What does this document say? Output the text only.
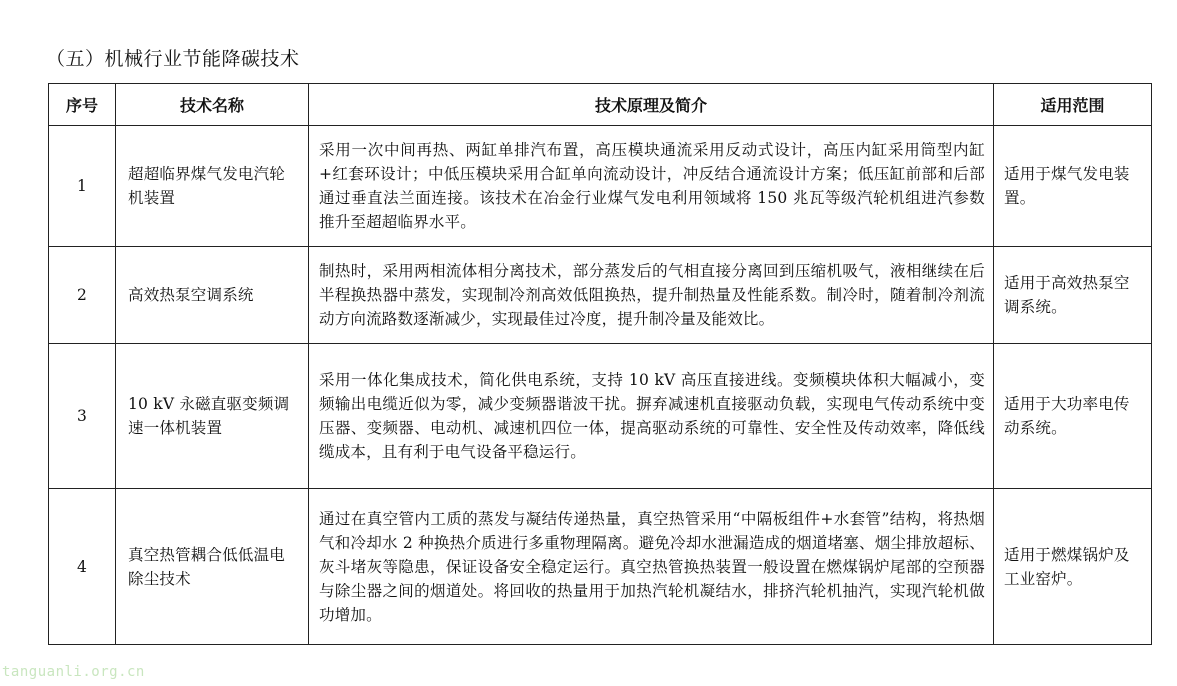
（五）机械行业节能降碳技术
序号	技术名称	技术原理及简介	适用范围
1	超超临界煤气发电汽轮机装置	采用一次中间再热、两缸单排汽布置，高压模块通流采用反动式设计，高压内缸采用筒型内缸+红套环设计；中低压模块采用合缸单向流动设计，冲反结合通流设计方案；低压缸前部和后部通过垂直法兰面连接。该技术在冶金行业煤气发电利用领域将 150 兆瓦等级汽轮机组进汽参数推升至超超临界水平。	适用于煤气发电装置。
2	高效热泵空调系统	制热时，采用两相流体相分离技术，部分蒸发后的气相直接分离回到压缩机吸气，液相继续在后半程换热器中蒸发，实现制冷剂高效低阻换热，提升制热量及性能系数。制冷时，随着制冷剂流动方向流路数逐渐减少，实现最佳过冷度，提升制冷量及能效比。	适用于高效热泵空调系统。
3	10 kV 永磁直驱变频调速一体机装置	采用一体化集成技术，简化供电系统，支持 10 kV 高压直接进线。变频模块体积大幅减小，变频输出电缆近似为零，减少变频器谐波干扰。摒弃减速机直接驱动负载，实现电气传动系统中变压器、变频器、电动机、减速机四位一体，提高驱动系统的可靠性、安全性及传动效率，降低线缆成本，且有利于电气设备平稳运行。	适用于大功率电传动系统。
4	真空热管耦合低低温电除尘技术	通过在真空管内工质的蒸发与凝结传递热量，真空热管采用“中隔板组件+水套管”结构，将热烟气和冷却水 2 种换热介质进行多重物理隔离。避免冷却水泄漏造成的烟道堵塞、烟尘排放超标、灰斗堵灰等隐患，保证设备安全稳定运行。真空热管换热装置一般设置在燃煤锅炉尾部的空预器与除尘器之间的烟道处。将回收的热量用于加热汽轮机凝结水，排挤汽轮机抽汽，实现汽轮机做功增加。	适用于燃煤锅炉及工业窑炉。
tanguanli.org.cn
